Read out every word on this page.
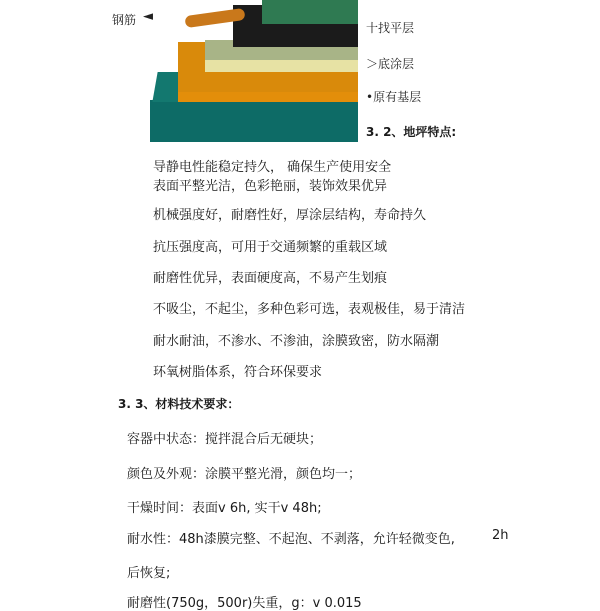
钢筋 ◄
十找平层
＞底涂层
•原有基层
3. 2、地坪特点:
导静电性能稳定持久， 确保生产使用安全
表面平整光洁，色彩艳丽，装饰效果优异
机械强度好，耐磨性好，厚涂层结构，寿命持久
抗压强度高，可用于交通频繁的重载区域
耐磨性优异，表面硬度高，不易产生划痕
不吸尘，不起尘，多种色彩可选，表观极佳，易于清洁
耐水耐油，不渗水、不渗油，涂膜致密，防水隔潮
环氧树脂体系，符合环保要求
3. 3、材料技术要求：
容器中状态：搅拌混合后无硬块；
颜色及外观：涂膜平整光滑，颜色均一；
干燥时间：表面v 6h, 实干v 48h;
耐水性：48h漆膜完整、不起泡、不剥落，允许轻微变色,	2h
后恢复;
耐磨性(750g，500r)失重，g：v 0.015
